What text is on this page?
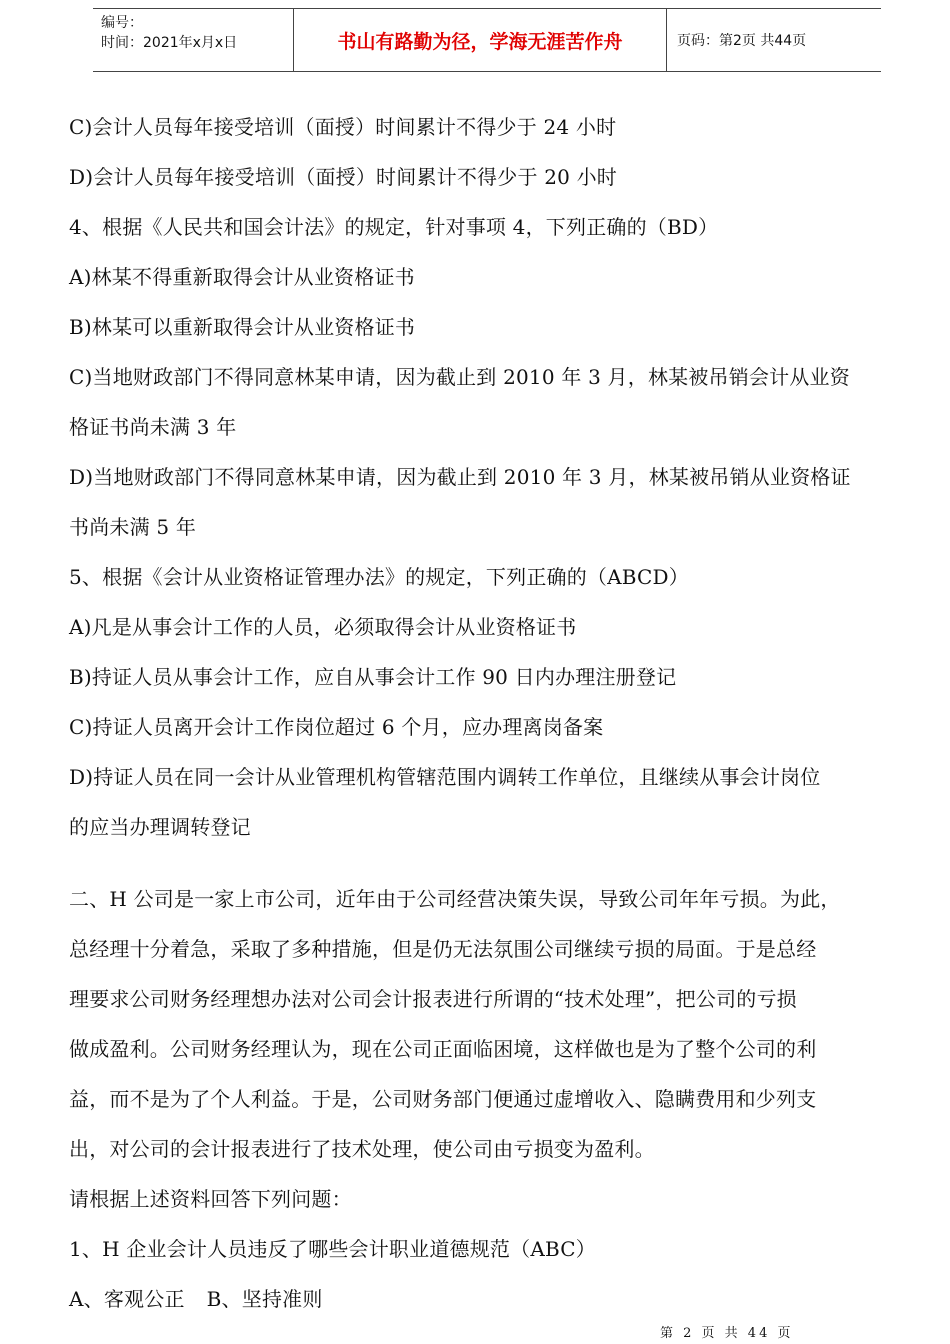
编号：
时间：2021年x月x日	书山有路勤为径，学海无涯苦作舟	页码：第2页 共44页
C)会计人员每年接受培训（面授）时间累计不得少于 24 小时
D)会计人员每年接受培训（面授）时间累计不得少于 20 小时
4、根据《人民共和国会计法》的规定，针对事项 4，下列正确的（BD）
A)林某不得重新取得会计从业资格证书
B)林某可以重新取得会计从业资格证书
C)当地财政部门不得同意林某申请，因为截止到 2010 年 3 月，林某被吊销会计从业资
格证书尚未满 3 年
D)当地财政部门不得同意林某申请，因为截止到 2010 年 3 月，林某被吊销从业资格证
书尚未满 5 年
5、根据《会计从业资格证管理办法》的规定，下列正确的（ABCD）
A)凡是从事会计工作的人员，必须取得会计从业资格证书
B)持证人员从事会计工作，应自从事会计工作 90 日内办理注册登记
C)持证人员离开会计工作岗位超过 6 个月，应办理离岗备案
D)持证人员在同一会计从业管理机构管辖范围内调转工作单位，且继续从事会计岗位
的应当办理调转登记
二、H 公司是一家上市公司，近年由于公司经营决策失误，导致公司年年亏损。为此，
总经理十分着急，采取了多种措施，但是仍无法氛围公司继续亏损的局面。于是总经
理要求公司财务经理想办法对公司会计报表进行所谓的“技术处理”，把公司的亏损
做成盈利。公司财务经理认为，现在公司正面临困境，这样做也是为了整个公司的利
益，而不是为了个人利益。于是，公司财务部门便通过虚增收入、隐瞒费用和少列支
出，对公司的会计报表进行了技术处理，使公司由亏损变为盈利。
请根据上述资料回答下列问题：
1、H 企业会计人员违反了哪些会计职业道德规范（ABC）
A、客观公正 B、坚持准则
第 2 页 共 44 页
